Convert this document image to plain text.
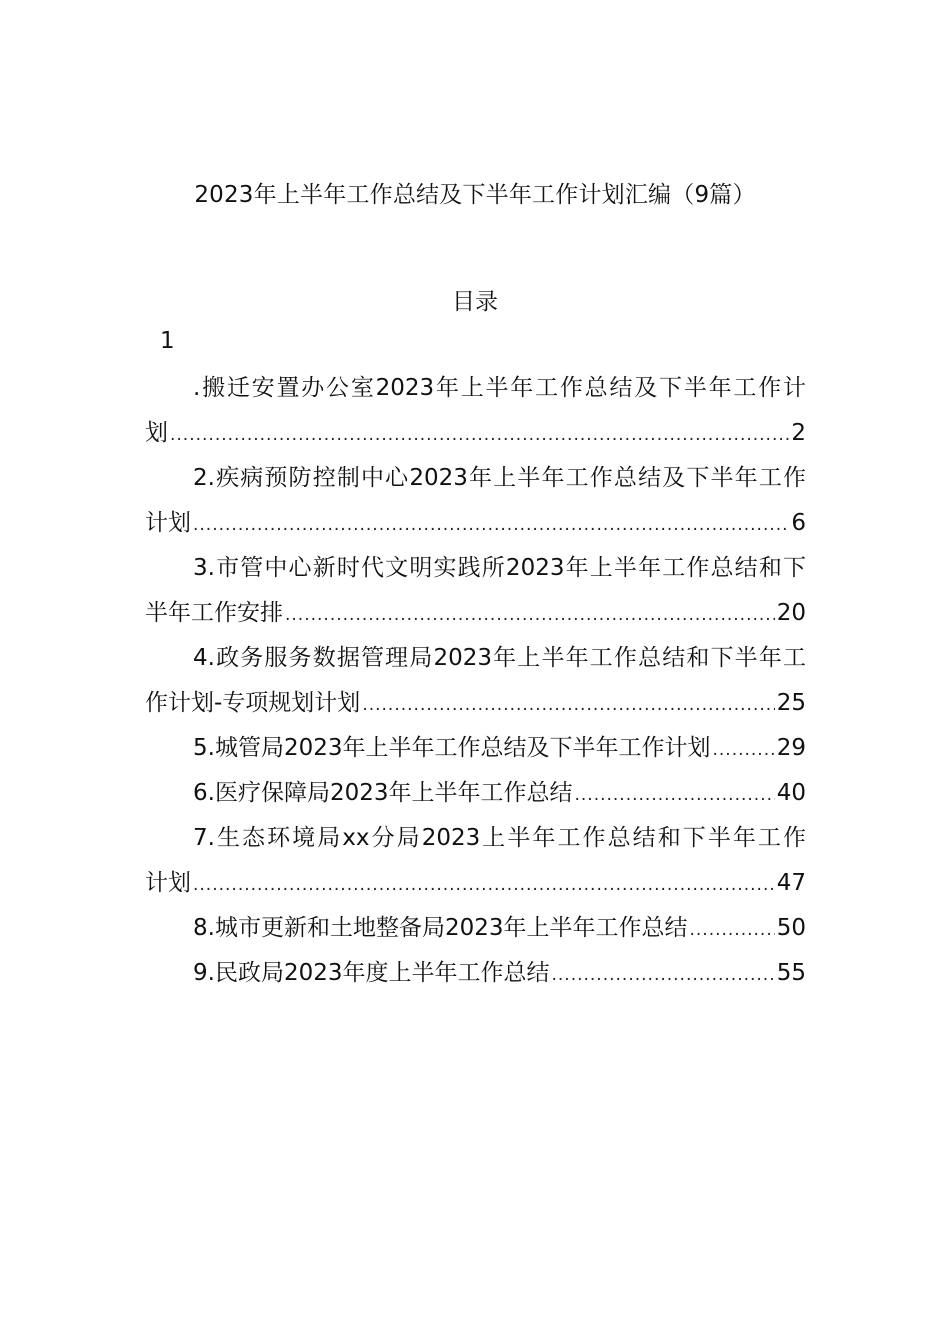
2023年上半年工作总结及下半年工作计划汇编（9篇）
目录
1
.搬迁安置办公室2023年上半年工作总结及下半年工作计
划 .....	2
2.疾病预防控制中心2023年上半年工作总结及下半年工作
计划 .....	6
3.市管中心新时代文明实践所2023年上半年工作总结和下
半年工作安排 .....	20
4.政务服务数据管理局2023年上半年工作总结和下半年工
作计划-专项规划计划 .....	25
5.城管局2023年上半年工作总结及下半年工作计划 .....	29
6.医疗保障局2023年上半年工作总结 .....	40
7.生态环境局xx分局2023上半年工作总结和下半年工作
计划 .....	47
8.城市更新和土地整备局2023年上半年工作总结 .....	50
9.民政局2023年度上半年工作总结 .....	55
